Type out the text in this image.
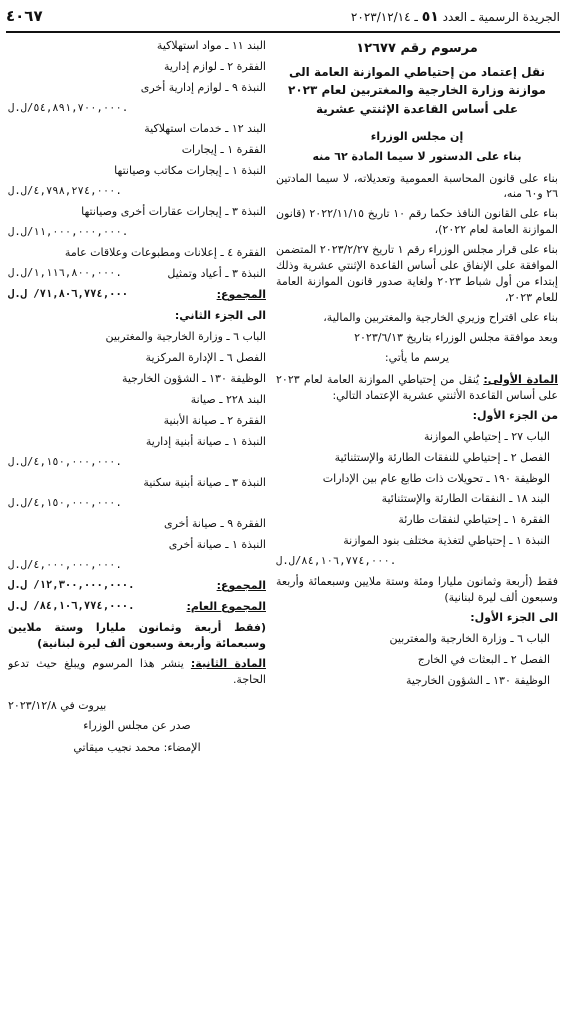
الجريدة الرسمية ـ العدد ٥١ ـ ٢٠٢٣/١٢/١٤
٤٠٦٧
مرسوم رقم ١٢٦٧٧
نقل إعتماد من إحتياطي الموازنة العامة الى موازنة وزارة الخارجية والمغتربين لعام ٢٠٢٣ على أساس القاعدة الإثنتي عشرية
إن مجلس الوزراء
بناء على الدستور لا سيما المادة ٦٢ منه

بناء على قانون المحاسبة العمومية وتعديلاته، لا سيما المادتين ٢٦ و٦٠ منه،

بناء على القانون النافذ حكما رقم ١٠ تاريخ ٢٠٢٢/١١/١٥ (قانون الموازنة العامة لعام ٢٠٢٢)،

بناء على قرار مجلس الوزراء رقم ١ تاريخ ٢٠٢٣/٢/٢٧ المتضمن الموافقة على الإنفاق على أساس القاعدة الإثنتي عشرية وذلك إبتداء من أول شباط ٢٠٢٣ ولغاية صدور قانون الموازنة العامة للعام ٢٠٢٣،

بناء على اقتراح وزيري الخارجية والمغتربين والمالية،

وبعد موافقة مجلس الوزراء بتاريخ ٢٠٢٣/٦/١٣

يرسم ما يأتي:

المادة الأولى: يُنقل من إحتياطي الموازنة العامة لعام ٢٠٢٣ على أساس القاعدة الأثنتي عشرية الإعتماد التالي:

من الجزء الأول:
الباب ٢٧ ـ إحتياطي الموازنة
الفصل ٢ ـ إحتياطي للنفقات الطارئة والإستثنائية
الوظيفة ١٩٠ ـ تحويلات ذات طابع عام بين الإدارات
البند ١٨ ـ النفقات الطارئة والإستثنائية
الفقرة ١ ـ إحتياطي لنفقات طارئة
النبذة ١ ـ إحتياطي لتغذية مختلف بنود الموازنة
٨٤,١٠٦,٧٧٤,٠٠٠/ل.ل.

فقط (أربعة وثمانون مليارا ومئة وستة ملايين وسبعمائة وأربعة وسبعون ألف ليرة لبنانية)

الى الجزء الأول:
الباب ٦ ـ وزارة الخارجية والمغتربين
الفصل ٢ ـ البعثات في الخارج
الوظيفة ١٣٠ ـ الشؤون الخارجية
البند ١١ ـ مواد استهلاكية
الفقرة ٢ ـ لوازم إدارية
النبذة ٩ ـ لوازم إدارية أخرى
٥٤,٨٩١,٧٠٠,٠٠٠/ل.ل.
البند ١٢ ـ خدمات استهلاكية
الفقرة ١ ـ إيجارات
النبذة ١ ـ إيجارات مكاتب وصيانتها
٤,٧٩٨,٢٧٤,٠٠٠/ل.ل.
النبذة ٣ ـ إيجارات عقارات أخرى وصيانتها
١١,٠٠٠,٠٠٠,٠٠٠/ل.ل.
الفقرة ٤ ـ إعلانات ومطبوعات وعلاقات عامة
النبذة ٣ ـ أعياد وتمثيل
١,١١٦,٨٠٠,٠٠٠/ل.ل.
المجموع:
٧١,٨٠٦,٧٧٤,٠٠٠/ ل.ل
الى الجزء الثاني:
الباب ٦ ـ وزارة الخارجية والمغتربين
الفصل ٦ ـ الإدارة المركزية
الوظيفة ١٣٠ ـ الشؤون الخارجية
البند ٢٢٨ ـ صيانة
الفقرة ٢ ـ صيانة الأبنية
النبذة ١ ـ صيانة أبنية إدارية
٤,١٥٠,٠٠٠,٠٠٠/ل.ل.
النبذة ٣ ـ صيانة أبنية سكنية
٤,١٥٠,٠٠٠,٠٠٠/ل.ل.
الفقرة ٩ ـ صيانة أخرى
النبذة ١ ـ صيانة أخرى
٤,٠٠٠,٠٠٠,٠٠٠/ل.ل.
المجموع:
١٢,٣٠٠,٠٠٠,٠٠٠/ ل.ل.
المجموع العام:
٨٤,١٠٦,٧٧٤,٠٠٠/ ل.ل.

(فقط أربعة وثمانون مليارا وستة ملايين وسبعمائة وأربعة وسبعون ألف ليرة لبنانية)

المادة الثانية: ينشر هذا المرسوم ويبلغ حيث تدعو الحاجة.

بيروت في ٢٠٢٣/١٢/٨
صدر عن مجلس الوزراء
الإمضاء: محمد نجيب ميقاتي
